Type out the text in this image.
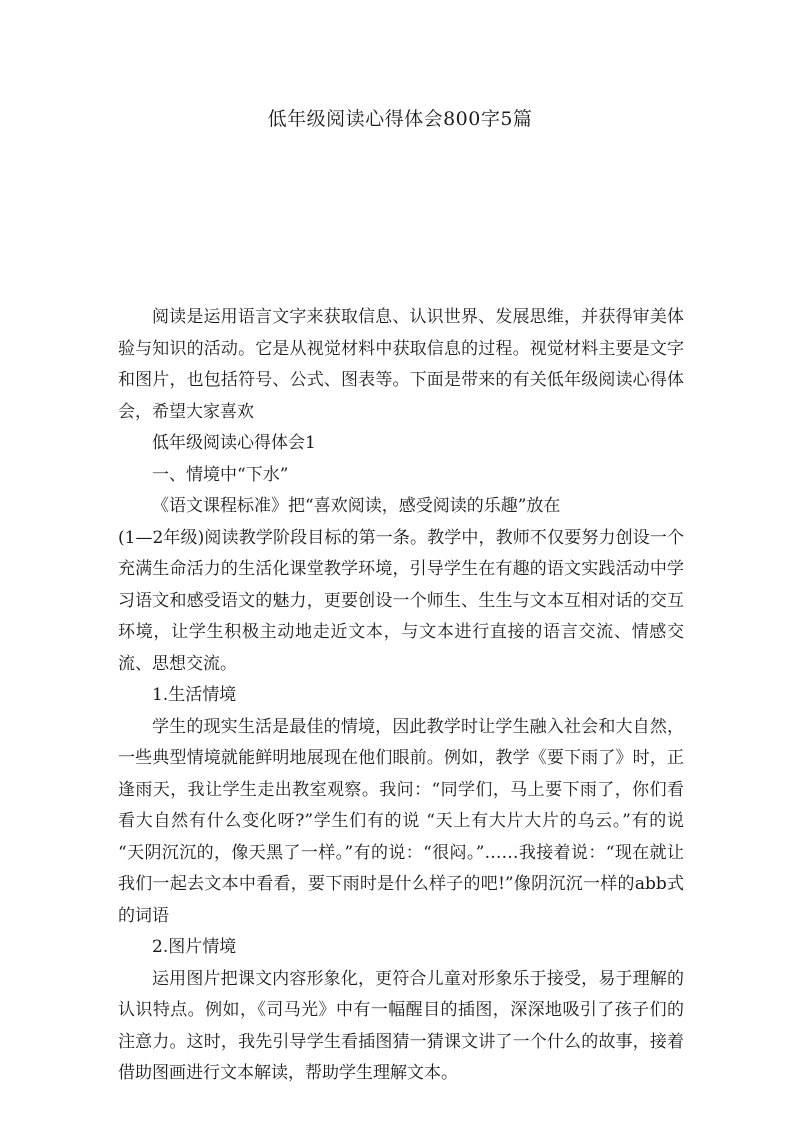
低年级阅读心得体会800字5篇

阅读是运用语言文字来获取信息、认识世界、发展思维，并获得审美体验与知识的活动。它是从视觉材料中获取信息的过程。视觉材料主要是文字和图片，也包括符号、公式、图表等。下面是带来的有关低年级阅读心得体会，希望大家喜欢

低年级阅读心得体会1

一、情境中“下水”

《语文课程标准》把“喜欢阅读，感受阅读的乐趣”放在

(1—2年级)阅读教学阶段目标的第一条。教学中，教师不仅要努力创设一个充满生命活力的生活化课堂教学环境，引导学生在有趣的语文实践活动中学习语文和感受语文的魅力，更要创设一个师生、生生与文本互相对话的交互环境，让学生积极主动地走近文本，与文本进行直接的语言交流、情感交流、思想交流。

1.生活情境

学生的现实生活是最佳的情境，因此教学时让学生融入社会和大自然，一些典型情境就能鲜明地展现在他们眼前。例如，教学《要下雨了》时，正逢雨天，我让学生走出教室观察。我问：“同学们，马上要下雨了，你们看看大自然有什么变化呀?”学生们有的说 “天上有大片大片的乌云。”有的说 “天阴沉沉的，像天黑了一样。”有的说：“很闷。”……我接着说：“现在就让我们一起去文本中看看，要下雨时是什么样子的吧!”像阴沉沉一样的abb式的词语

2.图片情境

运用图片把课文内容形象化，更符合儿童对形象乐于接受，易于理解的认识特点。例如，《司马光》中有一幅醒目的插图，深深地吸引了孩子们的注意力。这时，我先引导学生看插图猜一猜课文讲了一个什么的故事，接着借助图画进行文本解读，帮助学生理解文本。
